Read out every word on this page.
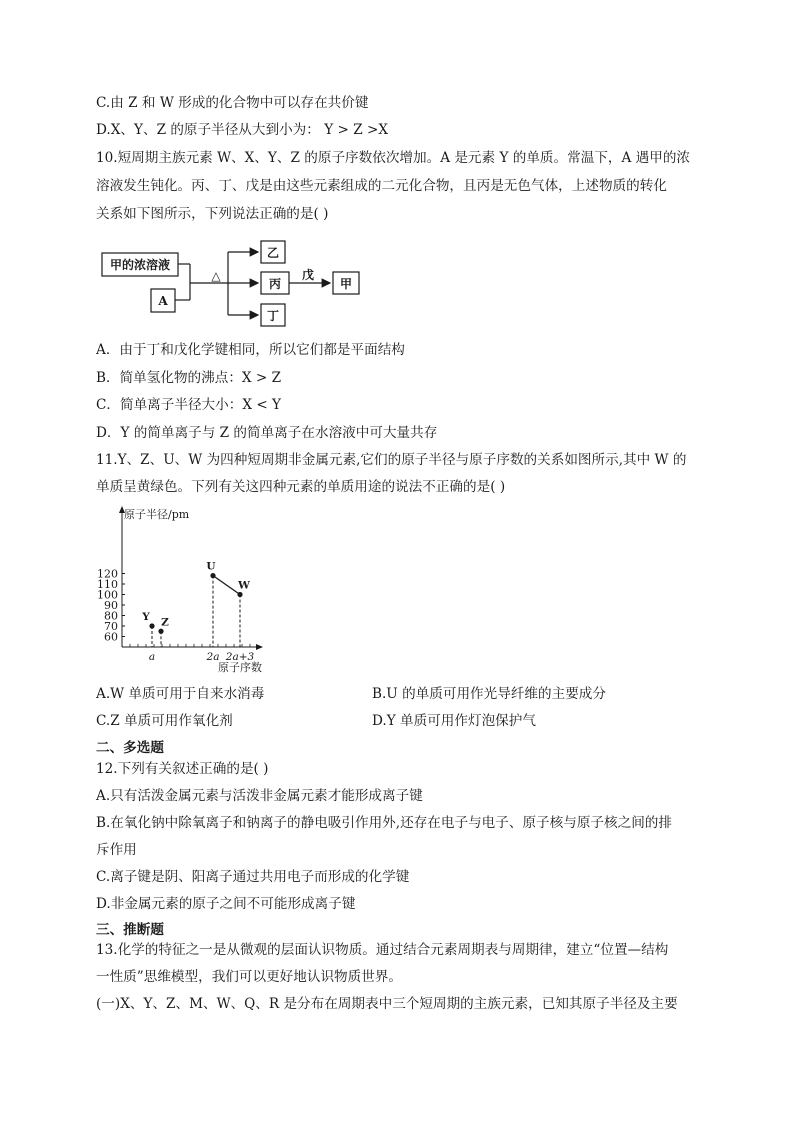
C.由 Z 和 W 形成的化合物中可以存在共价键
D.X、Y、Z 的原子半径从大到小为： Y > Z >X
10.短周期主族元素 W、X、Y、Z 的原子序数依次增加。A 是元素 Y 的单质。常温下，A 遇甲的浓
溶液发生钝化。丙、丁、戊是由这些元素组成的二元化合物，且丙是无色气体，上述物质的转化
关系如下图所示，下列说法正确的是( )
甲的浓溶液
A
乙
丙
丁
甲
△	戊
A．由于丁和戊化学键相同，所以它们都是平面结构
B．简单氢化物的沸点：X > Z
C．简单离子半径大小：X < Y
D．Y 的简单离子与 Z 的简单离子在水溶液中可大量共存
11.Y、Z、U、W 为四种短周期非金属元素,它们的原子半径与原子序数的关系如图所示,其中 W 的
单质呈黄绿色。下列有关这四种元素的单质用途的说法不正确的是( )
原子半径/pm
原子序数
60
70
80
90
100
110
120
a	2a 2a+3
Y Z
U
W
A.W 单质可用于自来水消毒	B.U 的单质可用作光导纤维的主要成分
C.Z 单质可用作氧化剂	D.Y 单质可用作灯泡保护气
二、多选题
12.下列有关叙述正确的是( )
A.只有活泼金属元素与活泼非金属元素才能形成离子键
B.在氧化钠中除氧离子和钠离子的静电吸引作用外,还存在电子与电子、原子核与原子核之间的排
斥作用
C.离子键是阴、阳离子通过共用电子而形成的化学键
D.非金属元素的原子之间不可能形成离子键
三、推断题
13.化学的特征之一是从微观的层面认识物质。通过结合元素周期表与周期律，建立“位置—结构
一性质”思维模型，我们可以更好地认识物质世界。
(一)X、Y、Z、M、W、Q、R 是分布在周期表中三个短周期的主族元素，已知其原子半径及主要
